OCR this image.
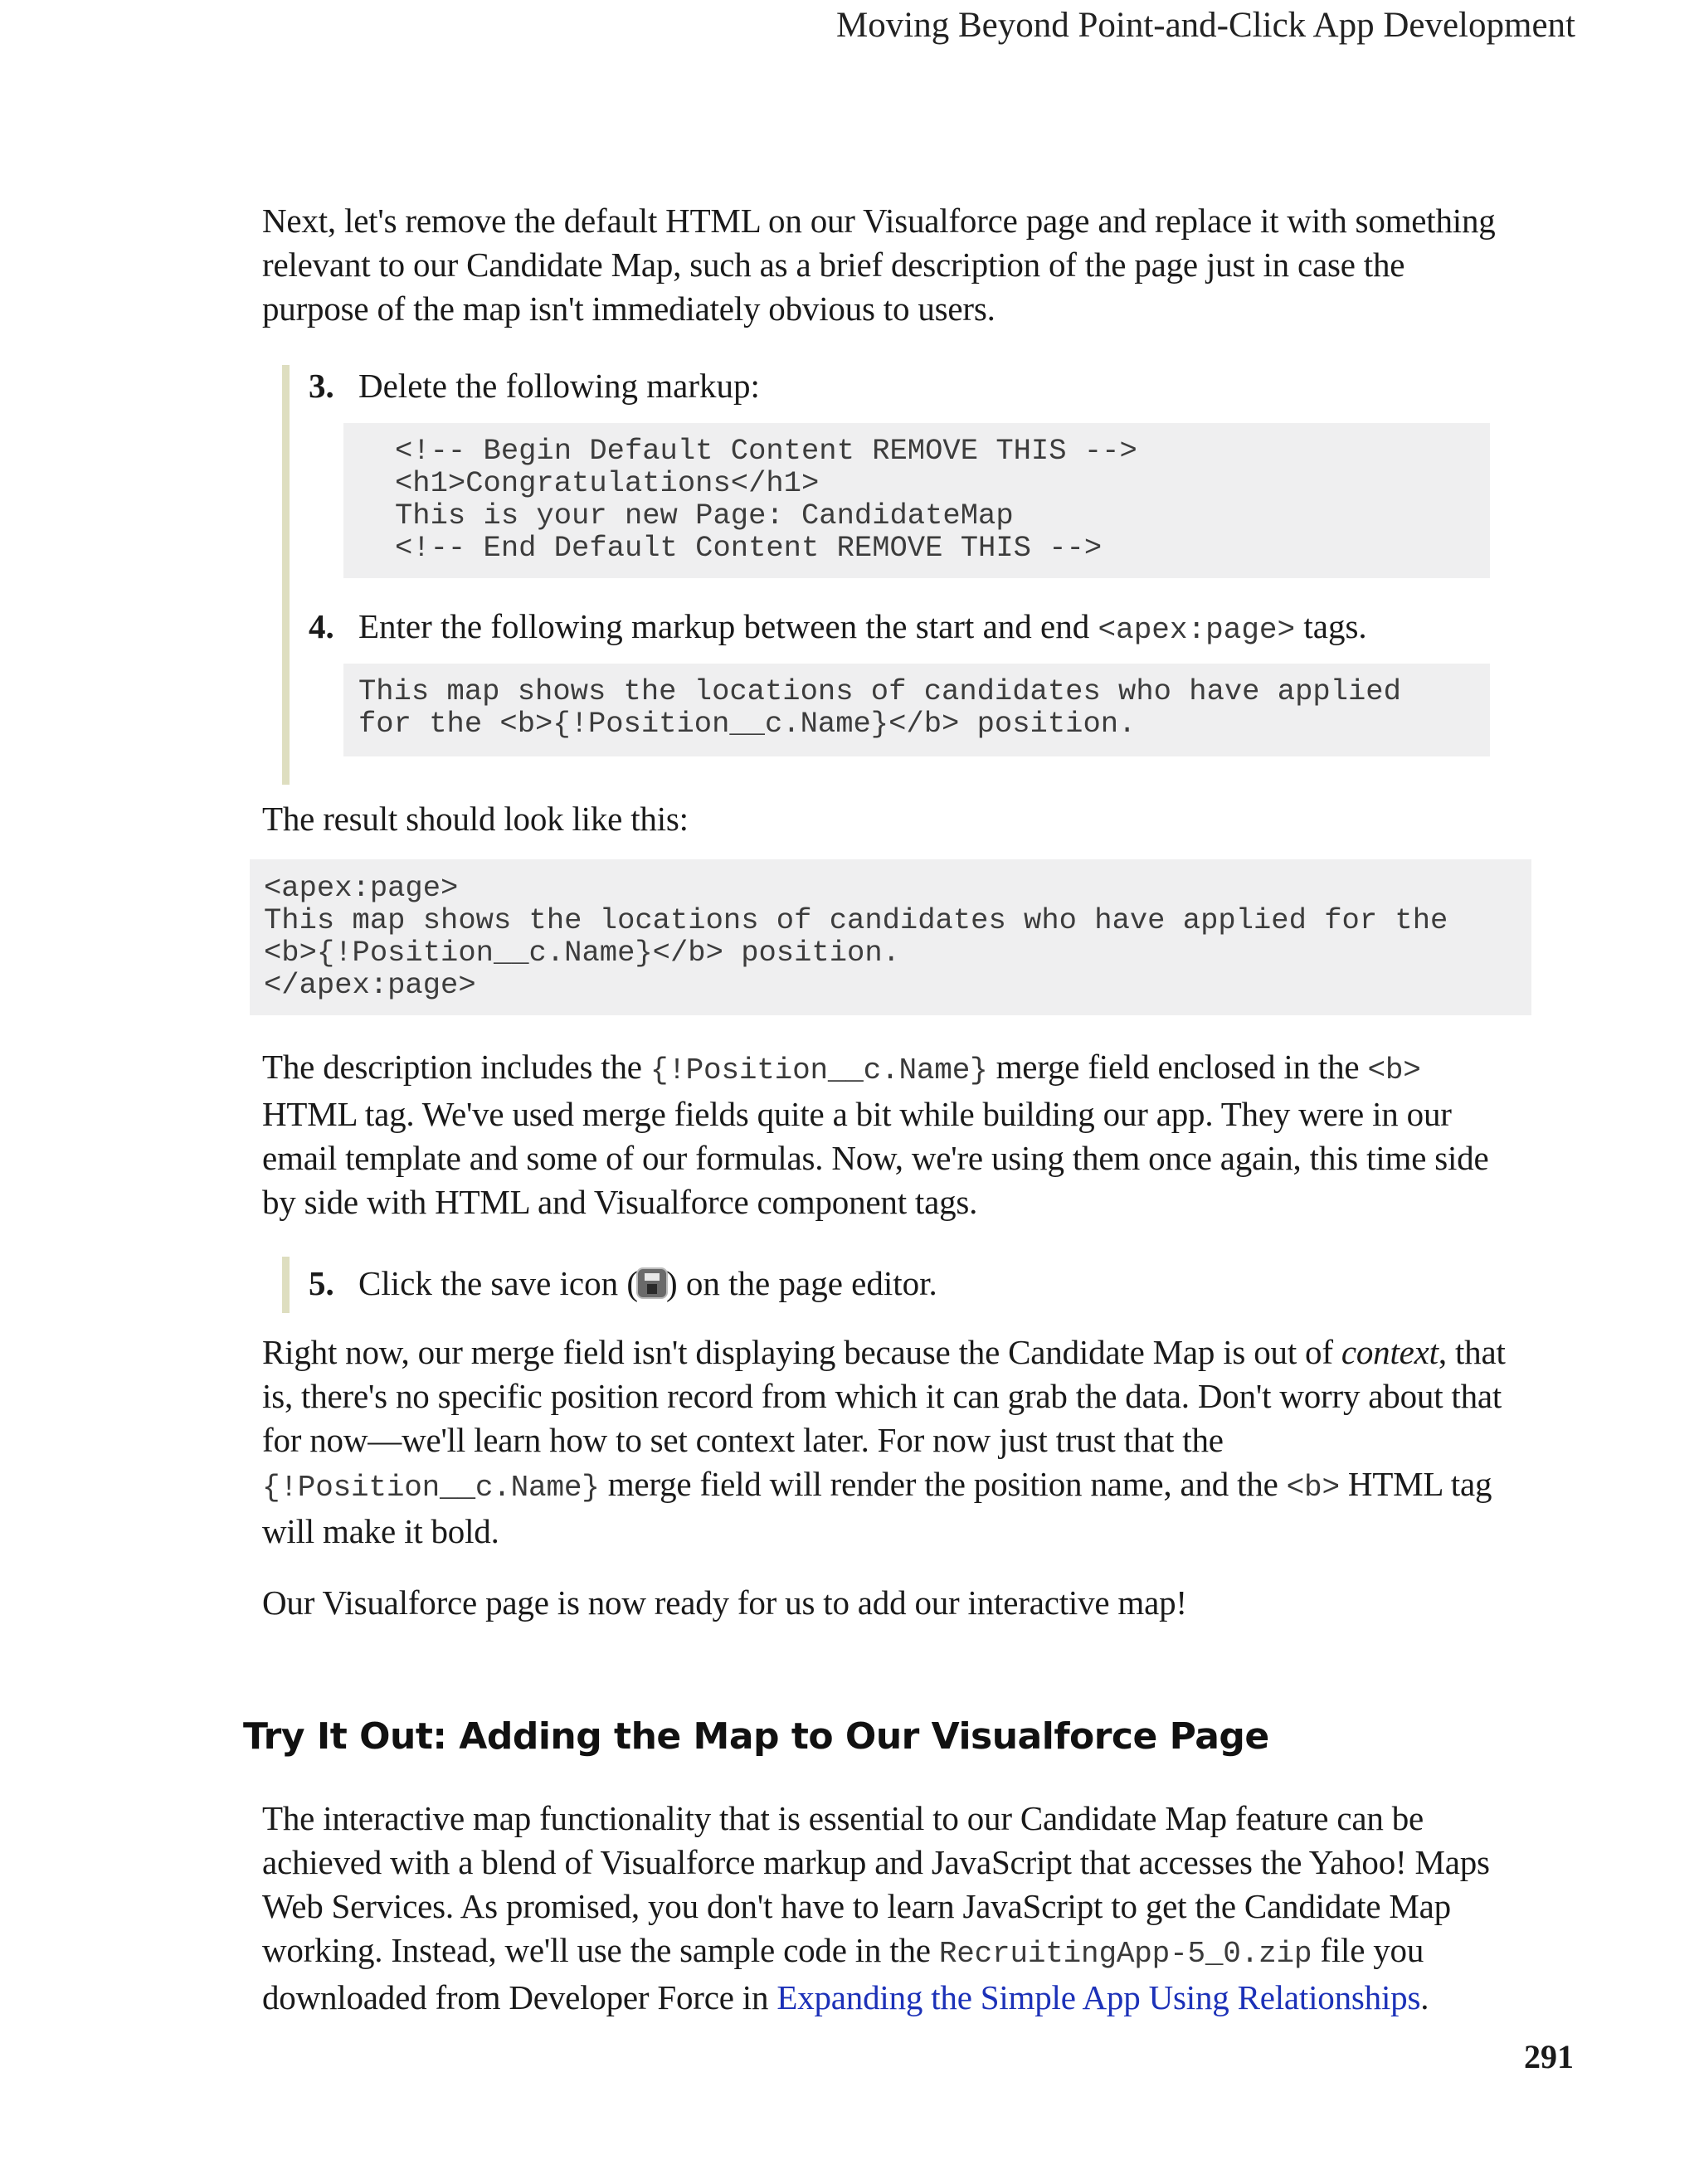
Moving Beyond Point-and-Click App Development

Next, let's remove the default HTML on our Visualforce page and replace it with something relevant to our Candidate Map, such as a brief description of the page just in case the purpose of the map isn't immediately obvious to users.

3. Delete the following markup:
<!-- Begin Default Content REMOVE THIS -->
<h1>Congratulations</h1>
This is your new Page: CandidateMap
<!-- End Default Content REMOVE THIS -->
4. Enter the following markup between the start and end <apex:page> tags.
This map shows the locations of candidates who have applied
for the <b>{!Position__c.Name}</b> position.

The result should look like this:

<apex:page>
This map shows the locations of candidates who have applied for the
<b>{!Position__c.Name}</b> position.
</apex:page>

The description includes the {!Position__c.Name} merge field enclosed in the <b> HTML tag. We've used merge fields quite a bit while building our app. They were in our email template and some of our formulas. Now, we're using them once again, this time side by side with HTML and Visualforce component tags.

5. Click the save icon ( ) on the page editor.

Right now, our merge field isn't displaying because the Candidate Map is out of context, that is, there's no specific position record from which it can grab the data. Don't worry about that for now—we'll learn how to set context later. For now just trust that the {!Position__c.Name} merge field will render the position name, and the <b> HTML tag will make it bold.

Our Visualforce page is now ready for us to add our interactive map!

Try It Out: Adding the Map to Our Visualforce Page

The interactive map functionality that is essential to our Candidate Map feature can be achieved with a blend of Visualforce markup and JavaScript that accesses the Yahoo! Maps Web Services. As promised, you don't have to learn JavaScript to get the Candidate Map working. Instead, we'll use the sample code in the RecruitingApp-5_0.zip file you downloaded from Developer Force in Expanding the Simple App Using Relationships.

291
